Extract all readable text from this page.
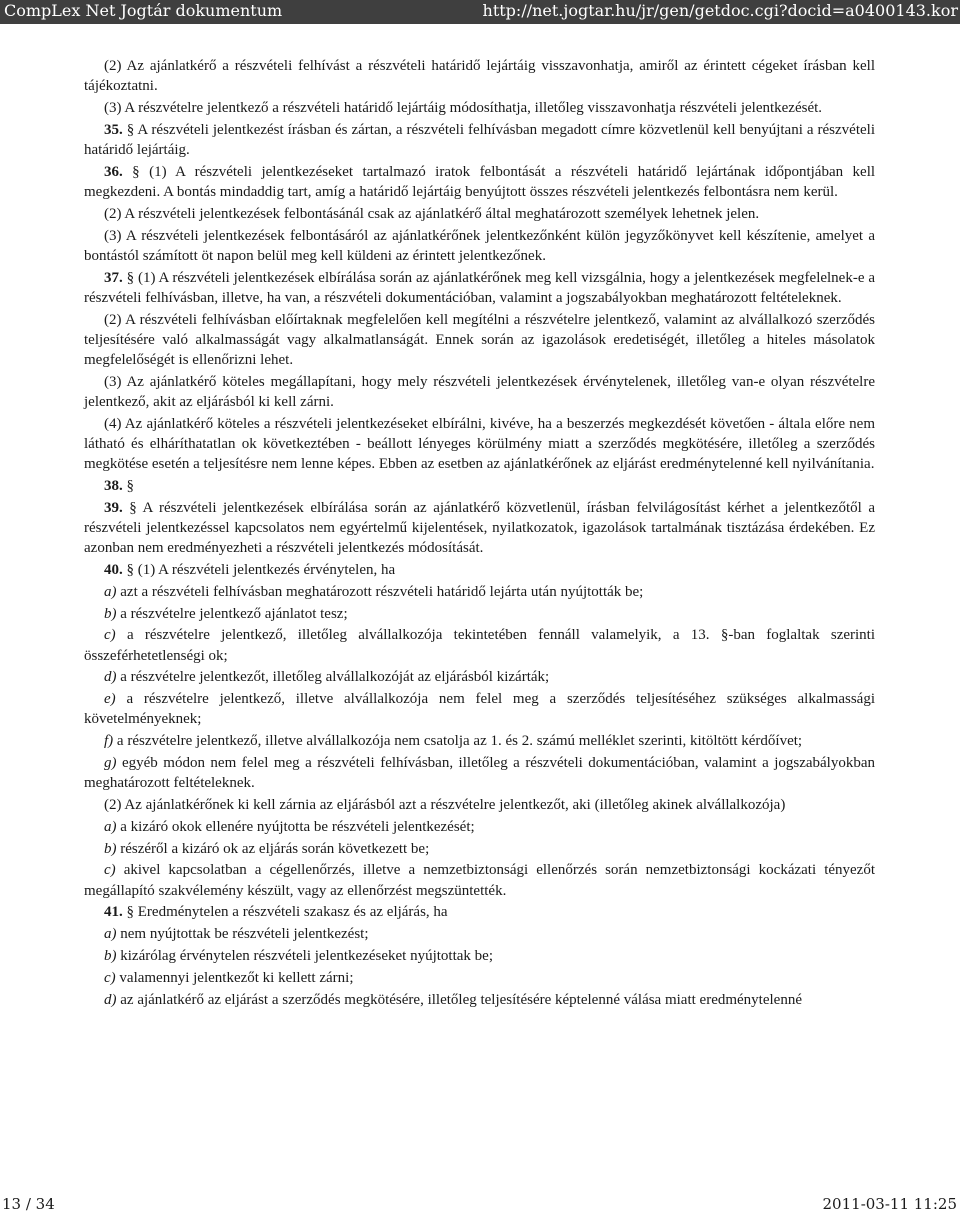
CompLex Net Jogtár dokumentum	http://net.jogtar.hu/jr/gen/getdoc.cgi?docid=a0400143.kor

(2) Az ajánlatkérő a részvételi felhívást a részvételi határidő lejártáig visszavonhatja, amiről az érintett cégeket írásban kell tájékoztatni.

(3) A részvételre jelentkező a részvételi határidő lejártáig módosíthatja, illetőleg visszavonhatja részvételi jelentkezését.

35. § A részvételi jelentkezést írásban és zártan, a részvételi felhívásban megadott címre közvetlenül kell benyújtani a részvételi határidő lejártáig.

36. § (1) A részvételi jelentkezéseket tartalmazó iratok felbontását a részvételi határidő lejártának időpontjában kell megkezdeni. A bontás mindaddig tart, amíg a határidő lejártáig benyújtott összes részvételi jelentkezés felbontásra nem kerül.

(2) A részvételi jelentkezések felbontásánál csak az ajánlatkérő által meghatározott személyek lehetnek jelen.

(3) A részvételi jelentkezések felbontásáról az ajánlatkérőnek jelentkezőnként külön jegyzőkönyvet kell készítenie, amelyet a bontástól számított öt napon belül meg kell küldeni az érintett jelentkezőnek.

37. § (1) A részvételi jelentkezések elbírálása során az ajánlatkérőnek meg kell vizsgálnia, hogy a jelentkezések megfelelnek-e a részvételi felhívásban, illetve, ha van, a részvételi dokumentációban, valamint a jogszabályokban meghatározott feltételeknek.

(2) A részvételi felhívásban előírtaknak megfelelően kell megítélni a részvételre jelentkező, valamint az alvállalkozó szerződés teljesítésére való alkalmasságát vagy alkalmatlanságát. Ennek során az igazolások eredetiségét, illetőleg a hiteles másolatok megfelelőségét is ellenőrizni lehet.

(3) Az ajánlatkérő köteles megállapítani, hogy mely részvételi jelentkezések érvénytelenek, illetőleg van-e olyan részvételre jelentkező, akit az eljárásból ki kell zárni.

(4) Az ajánlatkérő köteles a részvételi jelentkezéseket elbírálni, kivéve, ha a beszerzés megkezdését követően - általa előre nem látható és elháríthatatlan ok következtében - beállott lényeges körülmény miatt a szerződés megkötésére, illetőleg a szerződés megkötése esetén a teljesítésre nem lenne képes. Ebben az esetben az ajánlatkérőnek az eljárást eredménytelenné kell nyilvánítania.

38. §

39. § A részvételi jelentkezések elbírálása során az ajánlatkérő közvetlenül, írásban felvilágosítást kérhet a jelentkezőtől a részvételi jelentkezéssel kapcsolatos nem egyértelmű kijelentések, nyilatkozatok, igazolások tartalmának tisztázása érdekében. Ez azonban nem eredményezheti a részvételi jelentkezés módosítását.

40. § (1) A részvételi jelentkezés érvénytelen, ha

a) azt a részvételi felhívásban meghatározott részvételi határidő lejárta után nyújtották be;

b) a részvételre jelentkező ajánlatot tesz;

c) a részvételre jelentkező, illetőleg alvállalkozója tekintetében fennáll valamelyik, a 13. §-ban foglaltak szerinti összeférhetetlenségi ok;

d) a részvételre jelentkezőt, illetőleg alvállalkozóját az eljárásból kizárták;

e) a részvételre jelentkező, illetve alvállalkozója nem felel meg a szerződés teljesítéséhez szükséges alkalmassági követelményeknek;

f) a részvételre jelentkező, illetve alvállalkozója nem csatolja az 1. és 2. számú melléklet szerinti, kitöltött kérdőívet;

g) egyéb módon nem felel meg a részvételi felhívásban, illetőleg a részvételi dokumentációban, valamint a jogszabályokban meghatározott feltételeknek.

(2) Az ajánlatkérőnek ki kell zárnia az eljárásból azt a részvételre jelentkezőt, aki (illetőleg akinek alvállalkozója)

a) a kizáró okok ellenére nyújtotta be részvételi jelentkezését;

b) részéről a kizáró ok az eljárás során következett be;

c) akivel kapcsolatban a cégellenőrzés, illetve a nemzetbiztonsági ellenőrzés során nemzetbiztonsági kockázati tényezőt megállapító szakvélemény készült, vagy az ellenőrzést megszüntették.

41. § Eredménytelen a részvételi szakasz és az eljárás, ha

a) nem nyújtottak be részvételi jelentkezést;

b) kizárólag érvénytelen részvételi jelentkezéseket nyújtottak be;

c) valamennyi jelentkezőt ki kellett zárni;

d) az ajánlatkérő az eljárást a szerződés megkötésére, illetőleg teljesítésére képtelenné válása miatt eredménytelenné

13 / 34	2011-03-11 11:25
